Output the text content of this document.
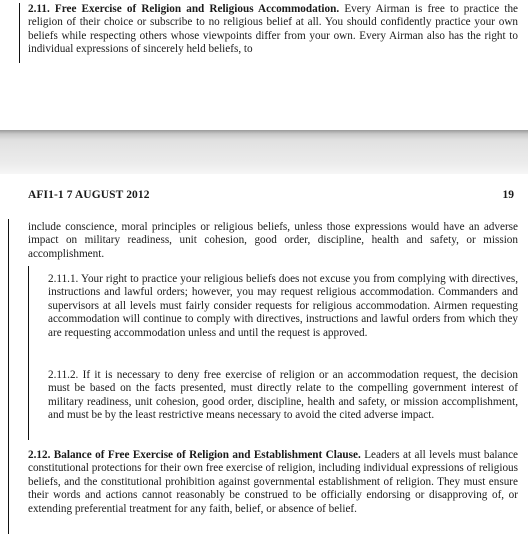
2.11. Free Exercise of Religion and Religious Accommodation. Every Airman is free to practice the religion of their choice or subscribe to no religious belief at all. You should confidently practice your own beliefs while respecting others whose viewpoints differ from your own. Every Airman also has the right to individual expressions of sincerely held beliefs, to

AFI1-1 7 AUGUST 2012	19

include conscience, moral principles or religious beliefs, unless those expressions would have an adverse impact on military readiness, unit cohesion, good order, discipline, health and safety, or mission accomplishment.

2.11.1. Your right to practice your religious beliefs does not excuse you from complying with directives, instructions and lawful orders; however, you may request religious accommodation. Commanders and supervisors at all levels must fairly consider requests for religious accommodation. Airmen requesting accommodation will continue to comply with directives, instructions and lawful orders from which they are requesting accommodation unless and until the request is approved.

2.11.2. If it is necessary to deny free exercise of religion or an accommodation request, the decision must be based on the facts presented, must directly relate to the compelling government interest of military readiness, unit cohesion, good order, discipline, health and safety, or mission accomplishment, and must be by the least restrictive means necessary to avoid the cited adverse impact.

2.12. Balance of Free Exercise of Religion and Establishment Clause. Leaders at all levels must balance constitutional protections for their own free exercise of religion, including individual expressions of religious beliefs, and the constitutional prohibition against governmental establishment of religion. They must ensure their words and actions cannot reasonably be construed to be officially endorsing or disapproving of, or extending preferential treatment for any faith, belief, or absence of belief.
